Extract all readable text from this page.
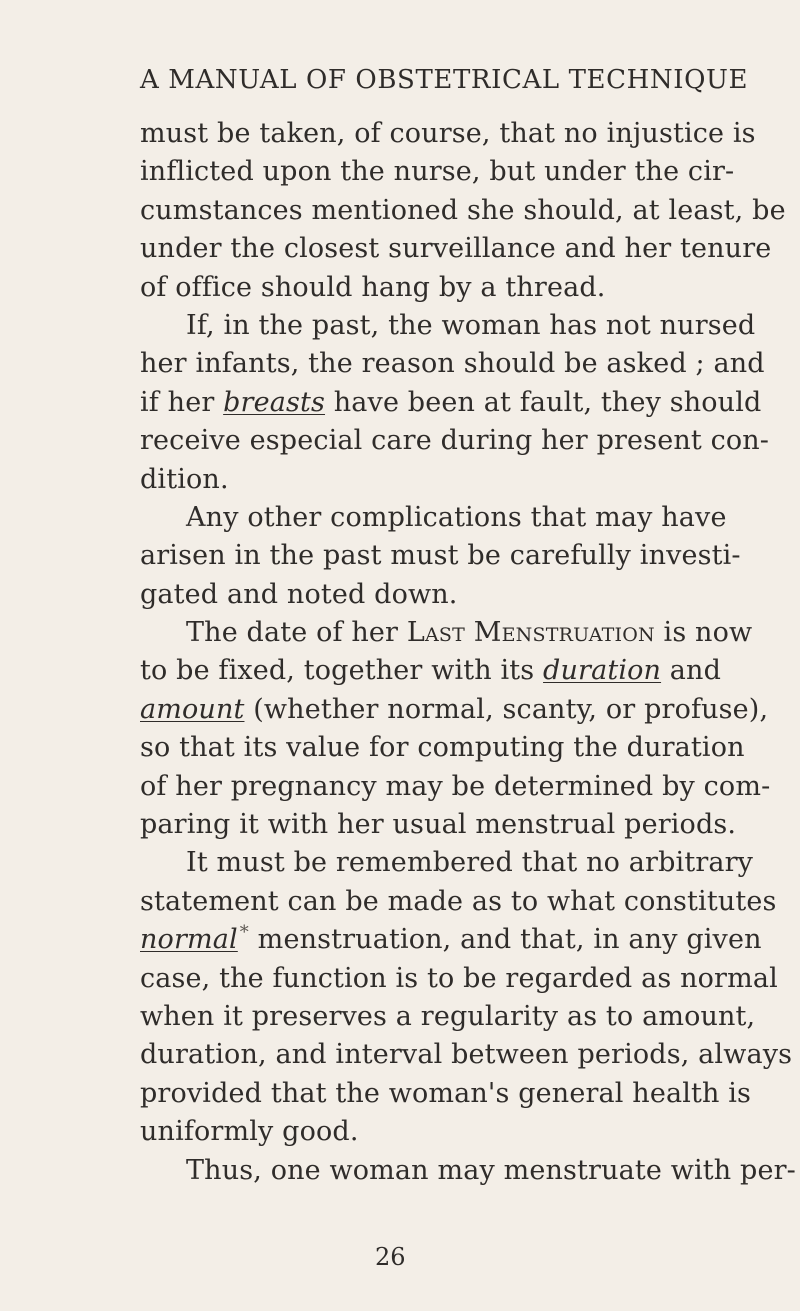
A MANUAL OF OBSTETRICAL TECHNIQUE
must be taken, of course, that no injustice is
inflicted upon the nurse, but under the cir-
cumstances mentioned she should, at least, be
under the closest surveillance and her tenure
of office should hang by a thread.
If, in the past, the woman has not nursed
her infants, the reason should be asked ; and
if her breasts have been at fault, they should
receive especial care during her present con-
dition.
Any other complications that may have
arisen in the past must be carefully investi-
gated and noted down.
The date of her Last Menstruation is now
to be fixed, together with its duration and
amount (whether normal, scanty, or profuse),
so that its value for computing the duration
of her pregnancy may be determined by com-
paring it with her usual menstrual periods.
It must be remembered that no arbitrary
statement can be made as to what constitutes
normal * menstruation, and that, in any given
case, the function is to be regarded as normal
when it preserves a regularity as to amount,
duration, and interval between periods, always
provided that the woman's general health is
uniformly good.
Thus, one woman may menstruate with per-
26
